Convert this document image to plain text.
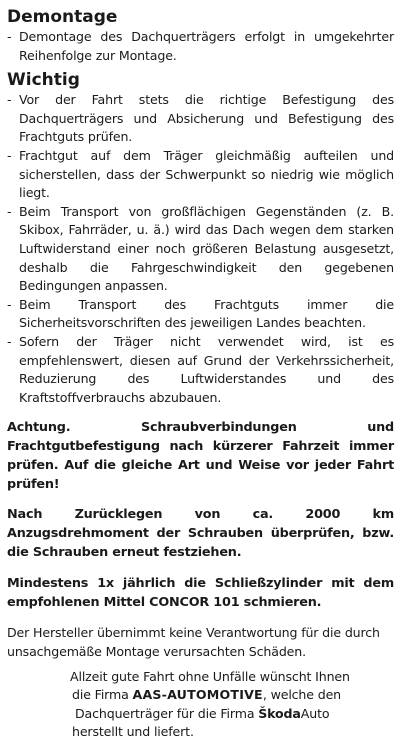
Demontage
- Demontage des Dachquerträgers erfolgt in umgekehrter Reihenfolge zur Montage.
Wichtig
- Vor der Fahrt stets die richtige Befestigung des Dachquerträgers und Absicherung und Befestigung des Frachtguts prüfen.
- Frachtgut auf dem Träger gleichmäßig aufteilen und sicherstellen, dass der Schwerpunkt so niedrig wie möglich liegt.
- Beim Transport von großflächigen Gegenständen (z. B. Skibox, Fahrräder, u. ä.) wird das Dach wegen dem starken Luftwiderstand einer noch größeren Belastung ausgesetzt, deshalb die Fahrgeschwindigkeit den gegebenen Bedingungen anpassen.
- Beim Transport des Frachtguts immer die Sicherheitsvorschriften des jeweiligen Landes beachten.
- Sofern der Träger nicht verwendet wird, ist es empfehlenswert, diesen auf Grund der Verkehrssicherheit, Reduzierung des Luftwiderstandes und des Kraftstoffverbrauchs abzubauen.

Achtung. Schraubverbindungen und Frachtgutbefestigung nach kürzerer Fahrzeit immer prüfen. Auf die gleiche Art und Weise vor jeder Fahrt prüfen!

Nach Zurücklegen von ca. 2000 km Anzugsdrehmoment der Schrauben überprüfen, bzw. die Schrauben erneut festziehen.

Mindestens 1x jährlich die Schließzylinder mit dem empfohlenen Mittel CONCOR 101 schmieren.

Der Hersteller übernimmt keine Verantwortung für die durch unsachgemäße Montage verursachten Schäden.

Allzeit gute Fahrt ohne Unfälle wünscht Ihnen
die Firma AAS-AUTOMOTIVE, welche den
Dachquerträger für die Firma ŠkodaAuto
herstellt und liefert.
